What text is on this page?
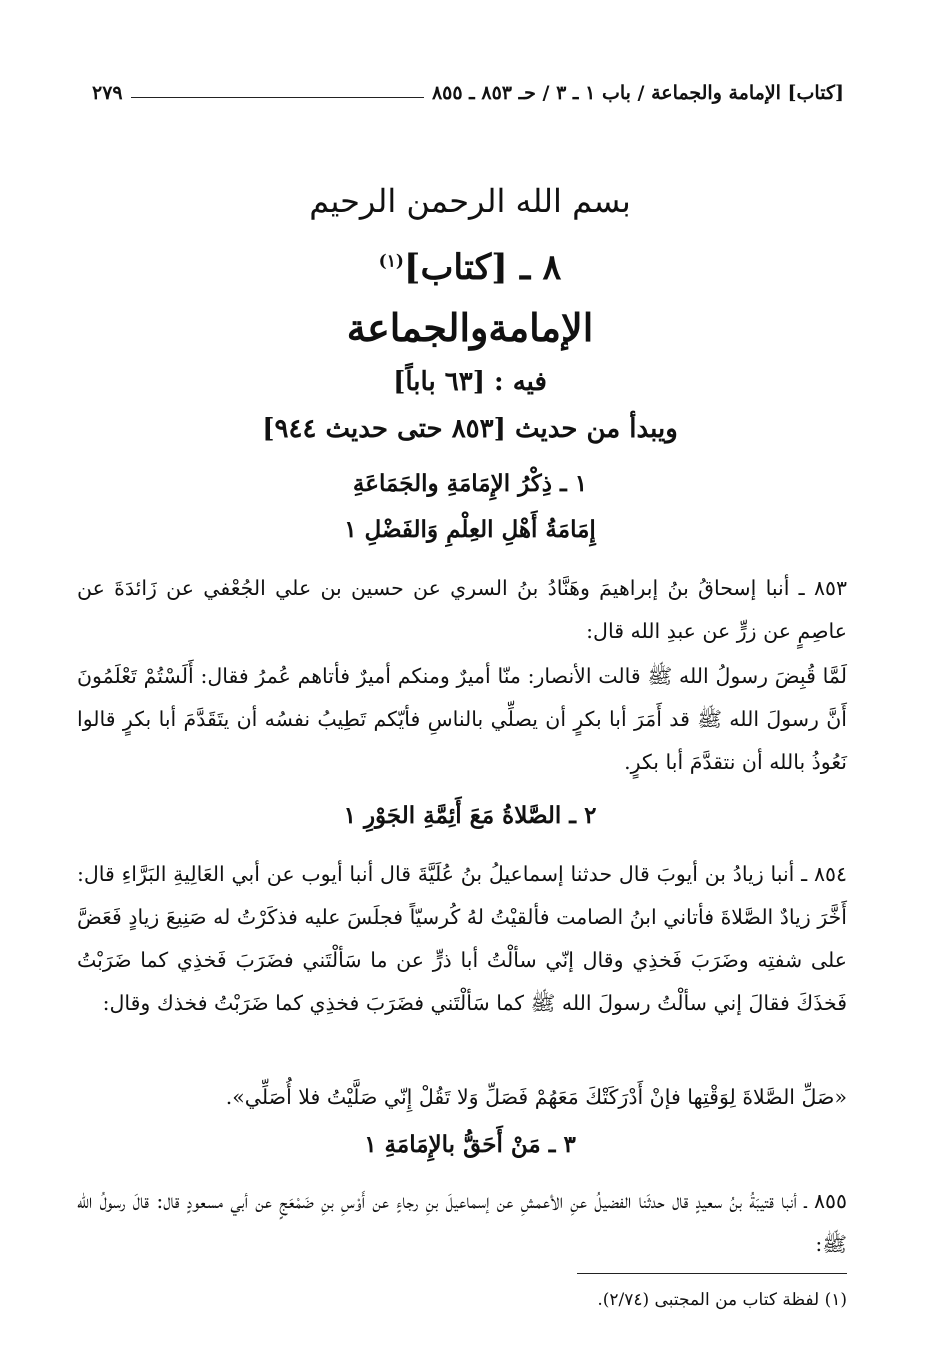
[كتاب] الإمامة والجماعة / باب ١ ـ ٣ / حـ ٨٥٣ ـ ٨٥٥
٢٧٩
بسم الله الرحمن الرحيم
٨ ـ [كتاب]$^{(١)}$
الإمامةوالجماعة
فيه : [٦٣ باباً]
ويبدأ من حديث [٨٥٣ حتى حديث ٩٤٤]
١ ـ ذِكْرُ الإِمَامَةِ والجَمَاعَةِ
إِمَامَةُ أَهْلِ العِلْمِ وَالفَضْلِ ١
٨٥٣ ـ أنبا إسحاقُ بنُ إبراهيمَ وهَنَّادُ بنُ السري عن حسين بن علي الجُعْفي عن زَائدَةَ عن عاصِمٍ عن زرٍّ عن عبدِ الله قال:
لَمَّا قُبِضَ رسولُ الله ﷺ قالت الأنصار: منّا أميرٌ ومنكم أميرٌ فأتاهم عُمرُ فقال: أَلَسْتُمْ تَعْلَمُونَ أَنَّ رسولَ الله ﷺ قد أَمَرَ أبا بكرٍ أن يصلِّي بالناسِ فأيّكم تَطِيبُ نفسُه أن يتَقَدَّمَ أبا بكرٍ قالوا نَعُوذُ بالله أن نتقدَّمَ أبا بكرٍ.
٢ ـ الصَّلاةُ مَعَ أَئِمَّةِ الجَوْرِ ١
٨٥٤ ـ أنبا زيادُ بن أيوبَ قال حدثنا إسماعيلُ بنُ عُلَيَّةَ قال أنبا أيوب عن أبي العَالِيةِ البَرَّاءِ قال: أَخَّرَ زيادٌ الصَّلاةَ فأتاني ابنُ الصامت فألقيْتُ لهُ كُرسيّاً فجلَسَ عليه فذكَرْتُ له صَنِيعَ زيادٍ فَعَضَّ على شفتِه وضَرَبَ فَخذِي وقال إنّي سألْتُ أبا ذرٍّ عن ما سَألْتَني فضَرَبَ فَخذِي كما ضَرَبْتُ فَخذَكَ فقالَ إني سألْتُ رسولَ الله ﷺ كما سَألْتَني فضَرَبَ فخذِي كما ضَرَبْتُ فخذك وقال:
«صَلِّ الصَّلاةَ لِوَقْتِها فإنْ أَدْرَكَتْكَ مَعَهُمْ فَصَلِّ وَلا تَقُلْ إِنّي صَلَّيْتُ فلا أُصَلِّي».
٣ ـ مَنْ أَحَقُّ بالإِمَامَةِ ١
٨٥٥ ـ أنبا قتيبَةُ بنُ سعيدٍ قال حدثَنا الفضيلُ عنِ الأعمشِ عن إسماعيلَ بنِ رجاءٍ عن أَوْسِ بنِ ضَمْعَجٍ عن أبي مسعودٍ قال: قالَ رسولُ الله ﷺ:
(١) لفظة كتاب من المجتبى (٢/٧٤).
